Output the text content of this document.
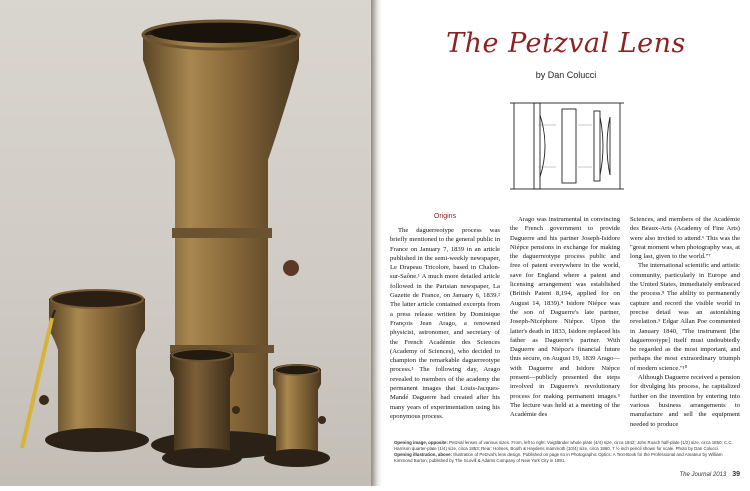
The Petzval Lens
by Dan Colucci
Origins

The daguerreotype process was briefly mentioned to the general public in France on January 7, 1839 in an article published in the semi-weekly newspaper, Le Drapeau Tricolore, based in Chalon-sur-Saône.¹ A much more detailed article followed in the Parisian newspaper, La Gazette de France, on January 6, 1839.² The latter article contained excerpts from a press release written by Dominique François Jean Arago, a renowned physicist, astronomer, and secretary of the French Académie des Sciences (Academy of Sciences), who decided to champion the remarkable daguerreotype process.³ The following day, Arago revealed to members of the academy the permanent images that Louis-Jacques-Mandé Daguerre had created after his many years of experimentation using his eponymous process.

Arago was instrumental in convincing the French government to provide Daguerre and his partner Joseph-Isidore Niépce pensions in exchange for making the daguerreotype process public and free of patent everywhere in the world, save for England where a patent and licensing arrangement was established (British Patent 8,194, applied for on August 14, 1839).⁴ Isidore Niépce was the son of Daguerre's late partner, Joseph-Nicéphore Niépce. Upon the latter's death in 1833, Isidore replaced his father as Daguerre's partner. With Daguerre and Niépce's financial future thus secure, on August 19, 1839 Arago—with Daguerre and Isidore Niépce present—publicly presented the steps involved in Daguerre's revolutionary process for making permanent images.⁵ The lecture was held at a meeting of the Académie des

Sciences, and members of the Académie des Beaux-Arts (Academy of Fine Arts) were also invited to attend.⁶ This was the "great moment when photography was, at long last, given to the world."⁷

The international scientific and artistic community, particularly in Europe and the United States, immediately embraced the process.⁸ The ability to permanently capture and record the visible world in precise detail was an astonishing revelation.⁹ Edgar Allan Poe commented in January 1840, "The instrument [the daguerreotype] itself must undoubtedly be regarded as the most important, and perhaps the most extraordinary triumph of modern science."¹⁰

Although Daguerre received a pension for divulging his process, he capitalized further on the invention by entering into various business arrangements to manufacture and sell the equipment needed to produce

Opening image, opposite: Petzval lenses of various sizes. From, left to right: Voigtländer whole plate (4/4) size, circa 1842; John Roach half-plate (1/2) size, circa 1850; C.C. Harrison quarter-plate (1/4) size, circa 1853; Rear: Holmes, Booth & Haydens mammoth (10/4) size, circa 1860. 7 ½ inch pencil shown for scale. Photo by Dan Colucci. Opening illustration, above: Illustration of Petzval's lens design. Published on page 61 in Photographic Optics: A Text-Book for the Professional and Amateur by William Kimmond Burton, published by The Scovill & Adams Company of New York City in 1891.
The Journal 2013 39
